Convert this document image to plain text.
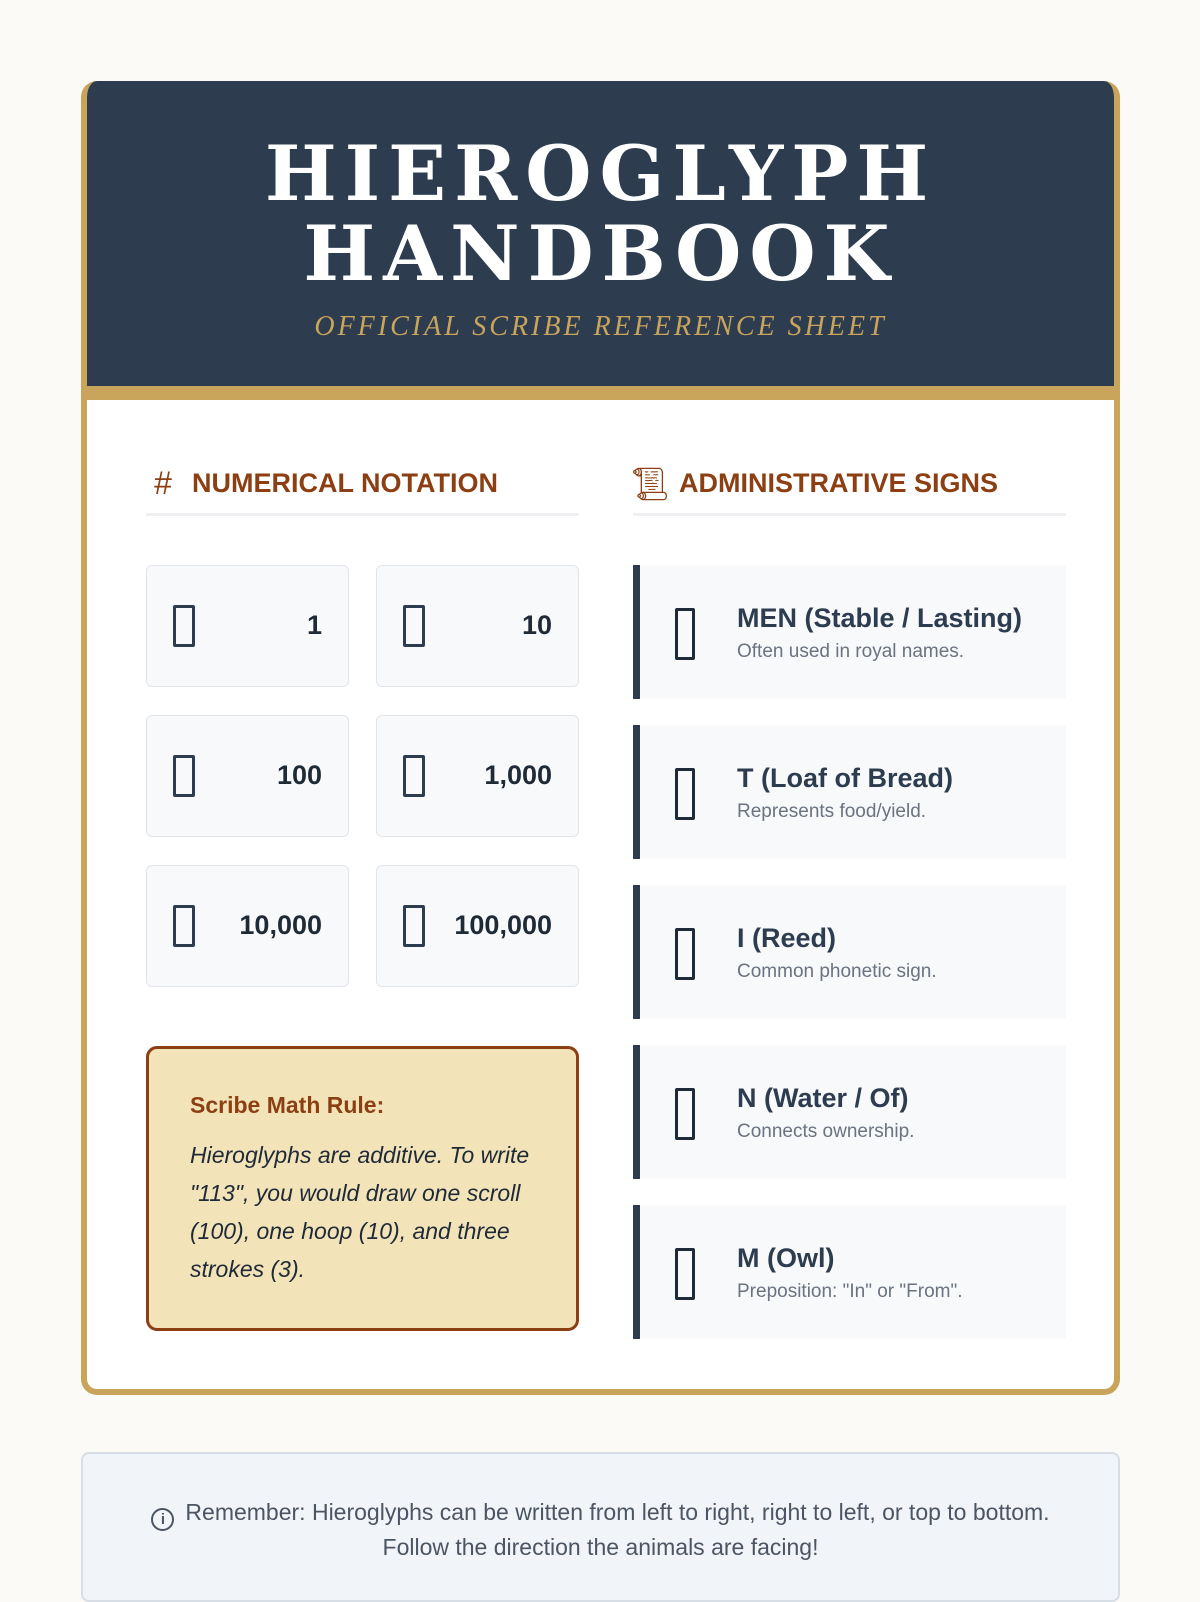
HIEROGLYPH HANDBOOK
OFFICIAL SCRIBE REFERENCE SHEET
# NUMERICAL NOTATION
1	10
100	1,000
10,000	100,000
Scribe Math Rule:
Hieroglyphs are additive. To write "113", you would draw one scroll (100), one hoop (10), and three strokes (3).
📜︎ ADMINISTRATIVE SIGNS
MEN (Stable / Lasting)
Often used in royal names.
T (Loaf of Bread)
Represents food/yield.
I (Reed)
Common phonetic sign.
N (Water / Of)
Connects ownership.
M (Owl)
Preposition: "In" or "From".
i Remember: Hieroglyphs can be written from left to right, right to left, or top to bottom. Follow the direction the animals are facing!
